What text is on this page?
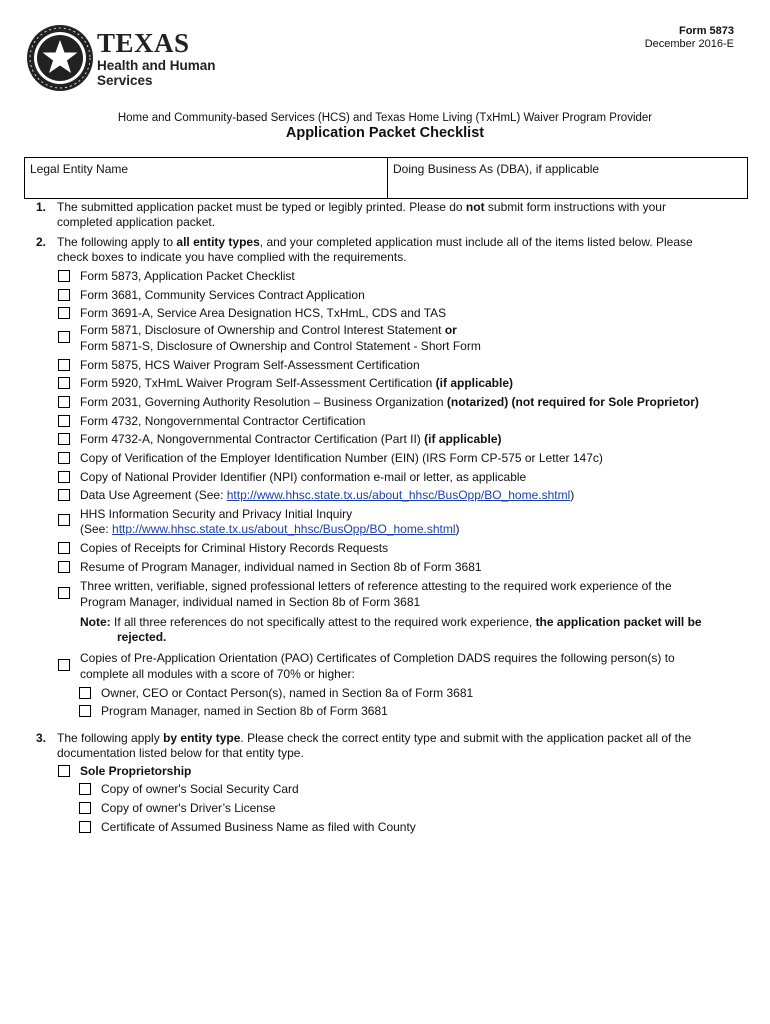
TEXAS
Health and Human
Services
Form 5873
December 2016-E
Home and Community-based Services (HCS) and Texas Home Living (TxHmL) Waiver Program Provider
Application Packet Checklist
Legal Entity Name	Doing Business As (DBA), if applicable
1. The submitted application packet must be typed or legibly printed. Please do not submit form instructions with your
completed application packet.
2. The following apply to all entity types, and your completed application must include all of the items listed below. Please
check boxes to indicate you have complied with the requirements.
Form 5873, Application Packet Checklist
Form 3681, Community Services Contract Application
Form 3691-A, Service Area Designation HCS, TxHmL, CDS and TAS
Form 5871, Disclosure of Ownership and Control Interest Statement or
Form 5871-S, Disclosure of Ownership and Control Statement - Short Form
Form 5875, HCS Waiver Program Self-Assessment Certification
Form 5920, TxHmL Waiver Program Self-Assessment Certification (if applicable)
Form 2031, Governing Authority Resolution – Business Organization (notarized) (not required for Sole Proprietor)
Form 4732, Nongovernmental Contractor Certification
Form 4732-A, Nongovernmental Contractor Certification (Part II) (if applicable)
Copy of Verification of the Employer Identification Number (EIN) (IRS Form CP-575 or Letter 147c)
Copy of National Provider Identifier (NPI) conformation e-mail or letter, as applicable
Data Use Agreement (See: http://www.hhsc.state.tx.us/about_hhsc/BusOpp/BO_home.shtml)
HHS Information Security and Privacy Initial Inquiry
(See: http://www.hhsc.state.tx.us/about_hhsc/BusOpp/BO_home.shtml)
Copies of Receipts for Criminal History Records Requests
Resume of Program Manager, individual named in Section 8b of Form 3681
Three written, verifiable, signed professional letters of reference attesting to the required work experience of the
Program Manager, individual named in Section 8b of Form 3681
Note: If all three references do not specifically attest to the required work experience, the application packet will be
rejected.
Copies of Pre-Application Orientation (PAO) Certificates of Completion DADS requires the following person(s) to
complete all modules with a score of 70% or higher:
Owner, CEO or Contact Person(s), named in Section 8a of Form 3681
Program Manager, named in Section 8b of Form 3681
3. The following apply by entity type. Please check the correct entity type and submit with the application packet all of the
documentation listed below for that entity type.
Sole Proprietorship
Copy of owner's Social Security Card
Copy of owner's Driver’s License
Certificate of Assumed Business Name as filed with County
